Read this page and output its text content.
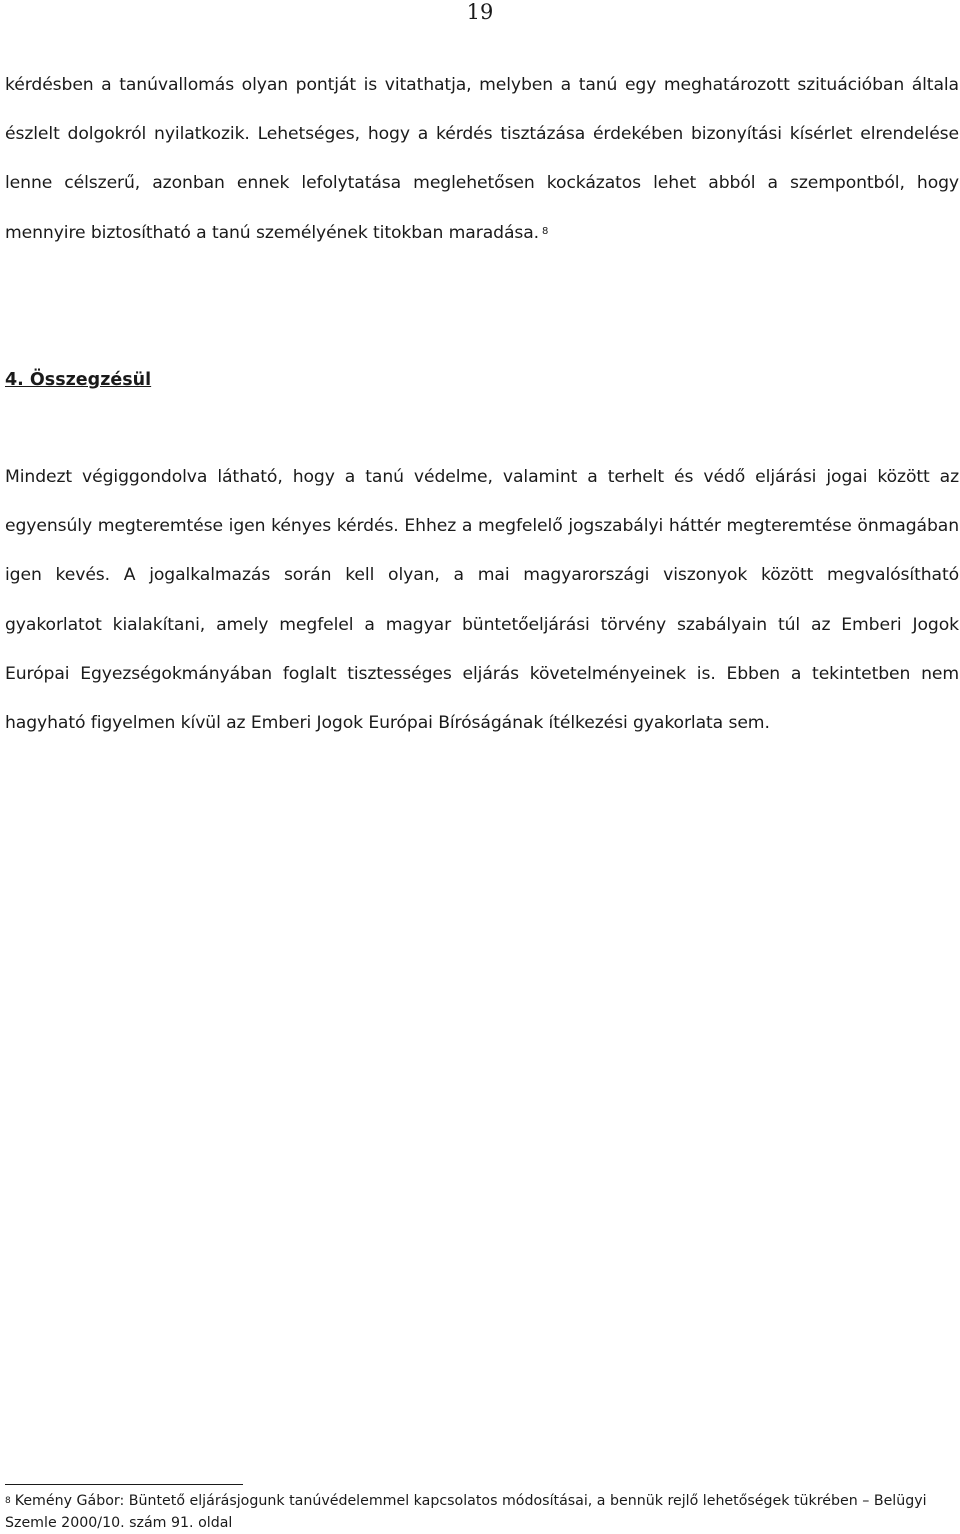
19

kérdésben a tanúvallomás olyan pontját is vitathatja, melyben a tanú egy meghatározott szituációban általa észlelt dolgokról nyilatkozik. Lehetséges, hogy a kérdés tisztázása érdekében bizonyítási kísérlet elrendelése lenne célszerű, azonban ennek lefolytatása meglehetősen kockázatos lehet abból a szempontból, hogy mennyire biztosítható a tanú személyének titokban maradása. $^8$

4. Összegzésül

Mindezt végiggondolva látható, hogy a tanú védelme, valamint a terhelt és védő eljárási jogai között az egyensúly megteremtése igen kényes kérdés. Ehhez a megfelelő jogszabályi háttér megteremtése önmagában igen kevés. A jogalkalmazás során kell olyan, a mai magyarországi viszonyok között megvalósítható gyakorlatot kialakítani, amely megfelel a magyar büntetőeljárási törvény szabályain túl az Emberi Jogok Európai Egyezségokmányában foglalt tisztességes eljárás követelményeinek is. Ebben a tekintetben nem hagyható figyelmen kívül az Emberi Jogok Európai Bíróságának ítélkezési gyakorlata sem.

$^8$ Kemény Gábor: Büntető eljárásjogunk tanúvédelemmel kapcsolatos módosításai, a bennük rejlő lehetőségek tükrében – Belügyi Szemle 2000/10. szám 91. oldal
